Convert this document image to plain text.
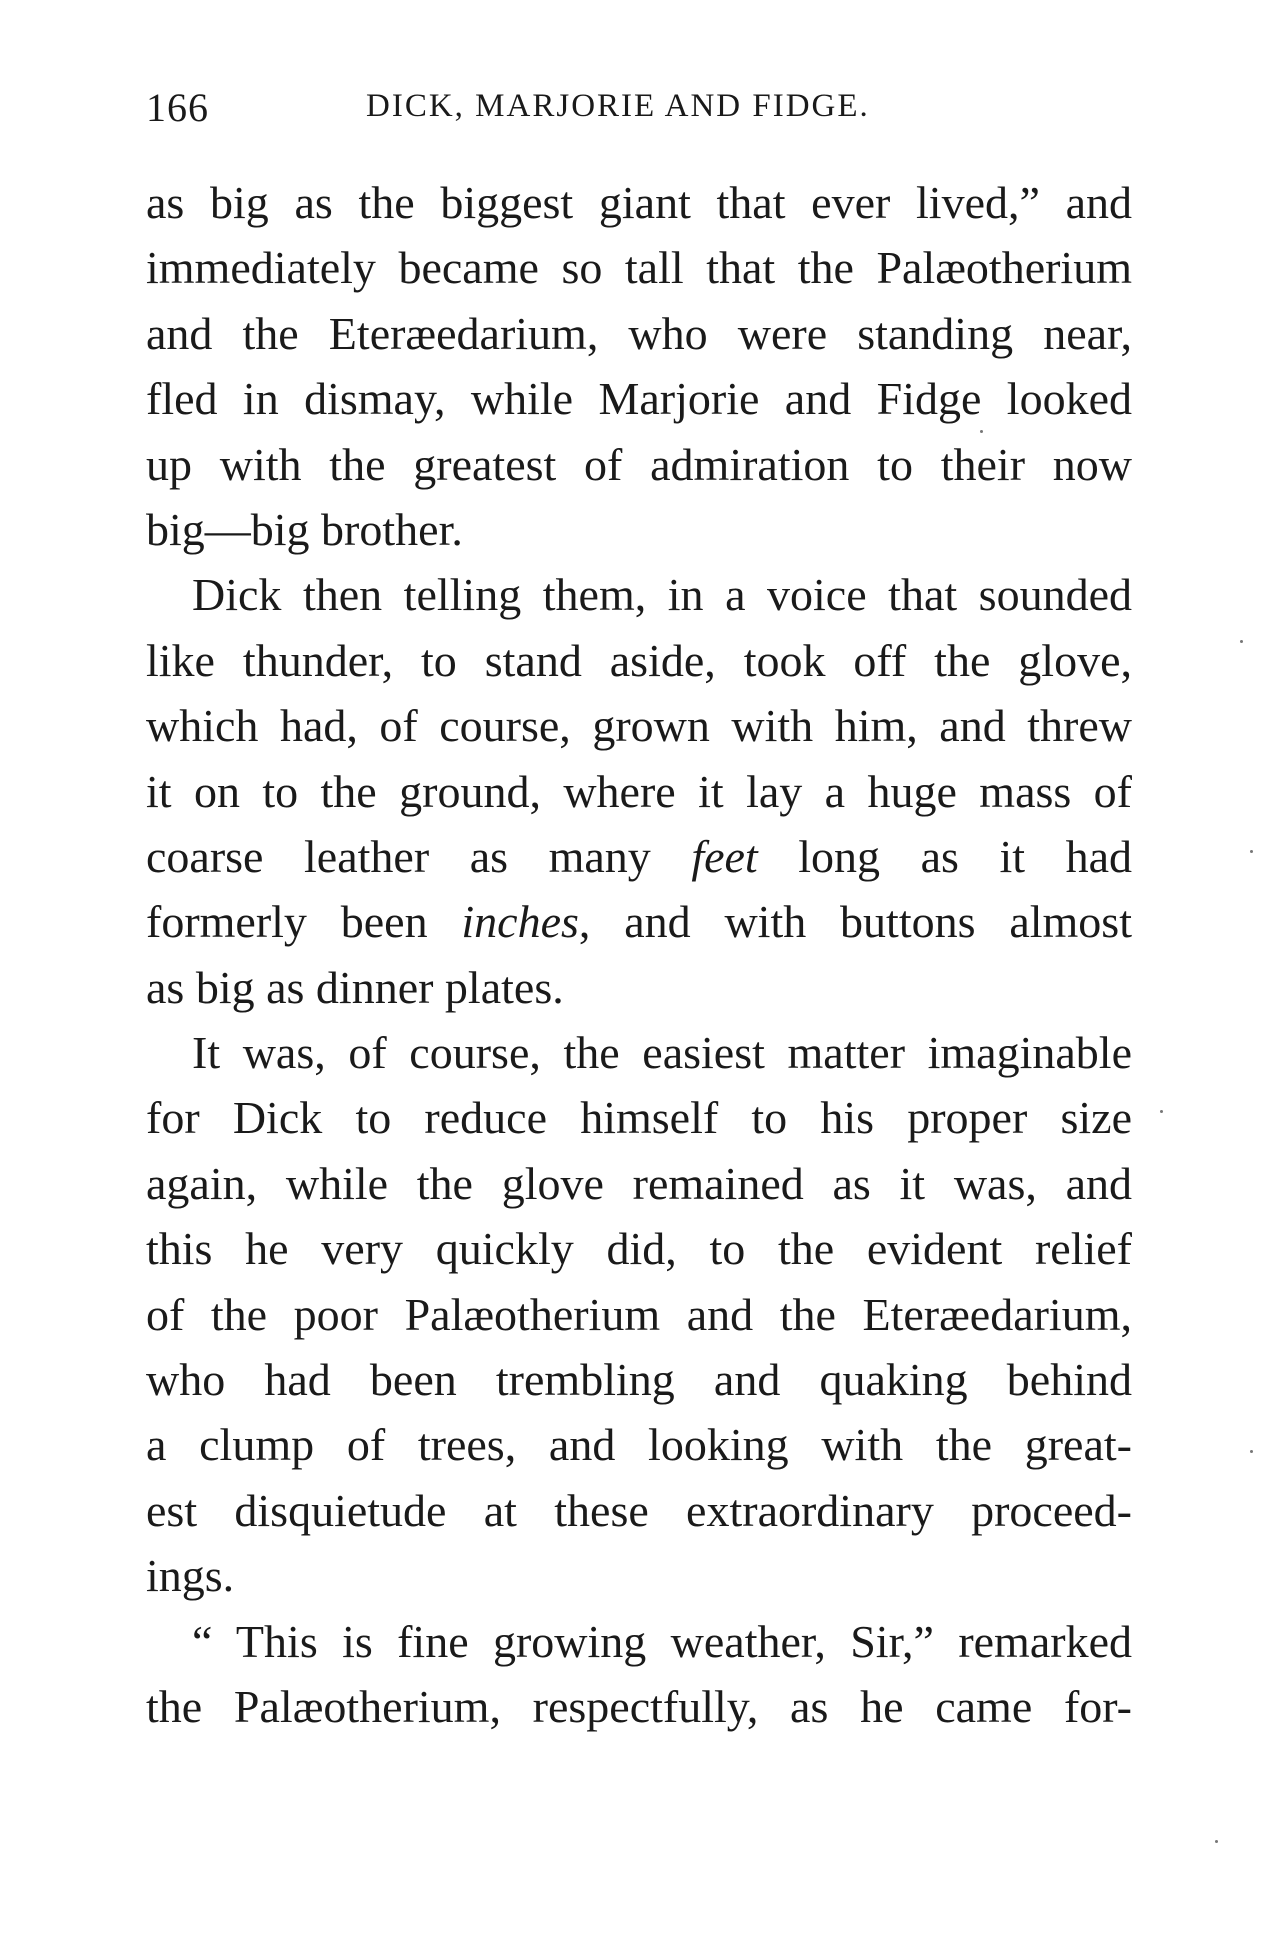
166	DICK, MARJORIE AND FIDGE.
as big as the biggest giant that ever lived,” and
immediately became so tall that the Palæotherium
and the Eteræedarium, who were standing near,
fled in dismay, while Marjorie and Fidge looked
up with the greatest of admiration to their now
big—big brother.
Dick then telling them, in a voice that sounded
like thunder, to stand aside, took off the glove,
which had, of course, grown with him, and threw
it on to the ground, where it lay a huge mass of
coarse leather as many feet long as it had
formerly been inches, and with buttons almost
as big as dinner plates.
It was, of course, the easiest matter imaginable
for Dick to reduce himself to his proper size
again, while the glove remained as it was, and
this he very quickly did, to the evident relief
of the poor Palæotherium and the Eteræedarium,
who had been trembling and quaking behind
a clump of trees, and looking with the great-
est disquietude at these extraordinary proceed-
ings.
“ This is fine growing weather, Sir,” remarked
the Palæotherium, respectfully, as he came for-
